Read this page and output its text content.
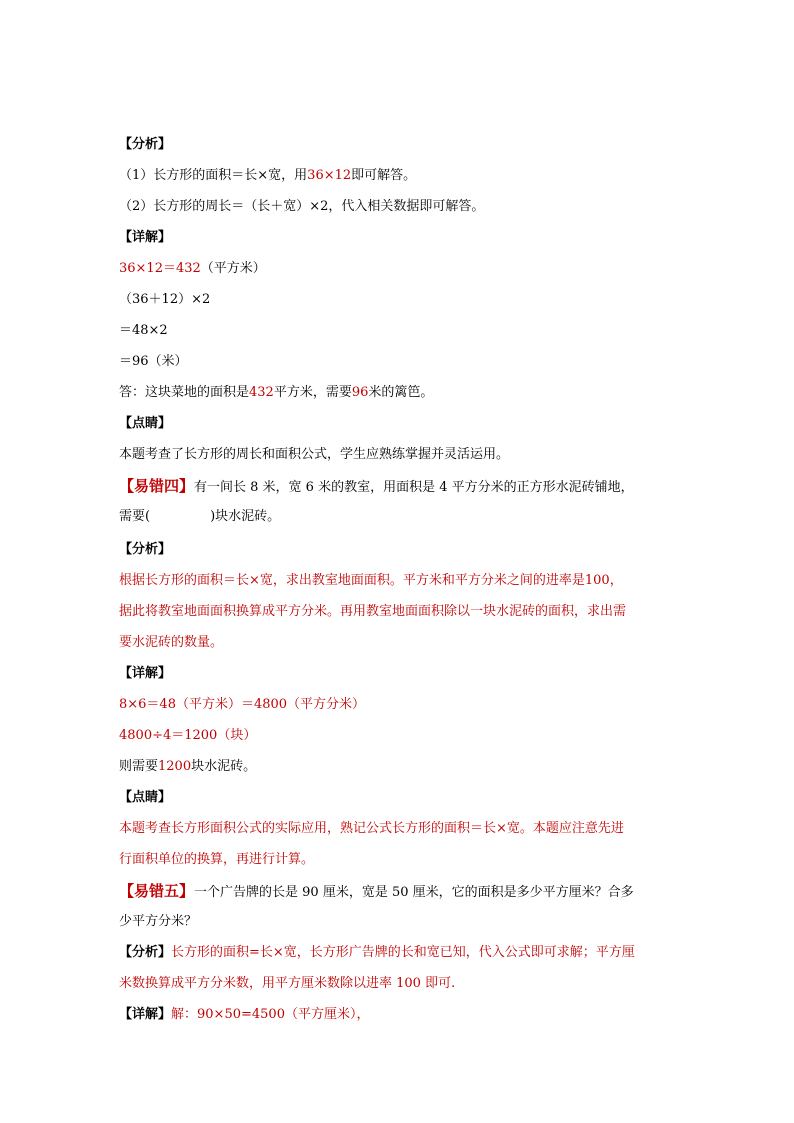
【分析】
（1）长方形的面积＝长×宽，用36×12即可解答。
（2）长方形的周长＝（长＋宽）×2，代入相关数据即可解答。
【详解】
36×12＝432（平方米）
（36＋12）×2
＝48×2
＝96（米）
答：这块菜地的面积是432平方米，需要96米的篱笆。
【点睛】
本题考查了长方形的周长和面积公式，学生应熟练掌握并灵活运用。
【易错四】有一间长 8 米，宽 6 米的教室，用面积是 4 平方分米的正方形水泥砖铺地，
需要(	)块水泥砖。
【分析】
根据长方形的面积＝长×宽，求出教室地面面积。平方米和平方分米之间的进率是100，
据此将教室地面面积换算成平方分米。再用教室地面面积除以一块水泥砖的面积，求出需
要水泥砖的数量。
【详解】
8×6＝48（平方米）＝4800（平方分米）
4800÷4＝1200（块）
则需要1200块水泥砖。
【点睛】
本题考查长方形面积公式的实际应用，熟记公式长方形的面积＝长×宽。本题应注意先进
行面积单位的换算，再进行计算。
【易错五】一个广告牌的长是 90 厘米，宽是 50 厘米，它的面积是多少平方厘米？合多
少平方分米？
【分析】长方形的面积=长×宽，长方形广告牌的长和宽已知，代入公式即可求解；平方厘
米数换算成平方分米数，用平方厘米数除以进率 100 即可.
【详解】解：90×50=4500（平方厘米），
